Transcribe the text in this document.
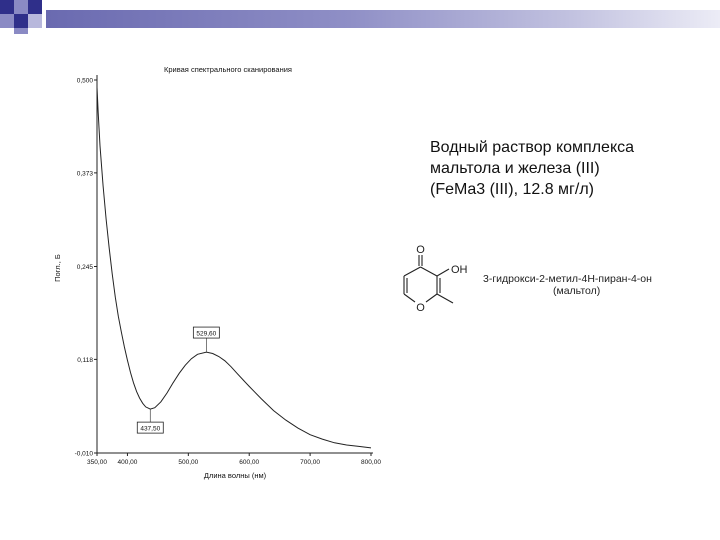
Кривая спектрального сканирования
Длина волны (нм)
Погл., Б
-0,010
0,118
0,245
0,373
0,500
350,00 400,00	500,00	600,00	700,00	800,00
529,60
437,50
Водный раствор комплекса
мальтола и железа (III)
(FeMa3 (III), 12.8 мг/л)
O
OH
O
3-гидрокси-2-метил-4Н-пиран-4-он
(мальтол)
